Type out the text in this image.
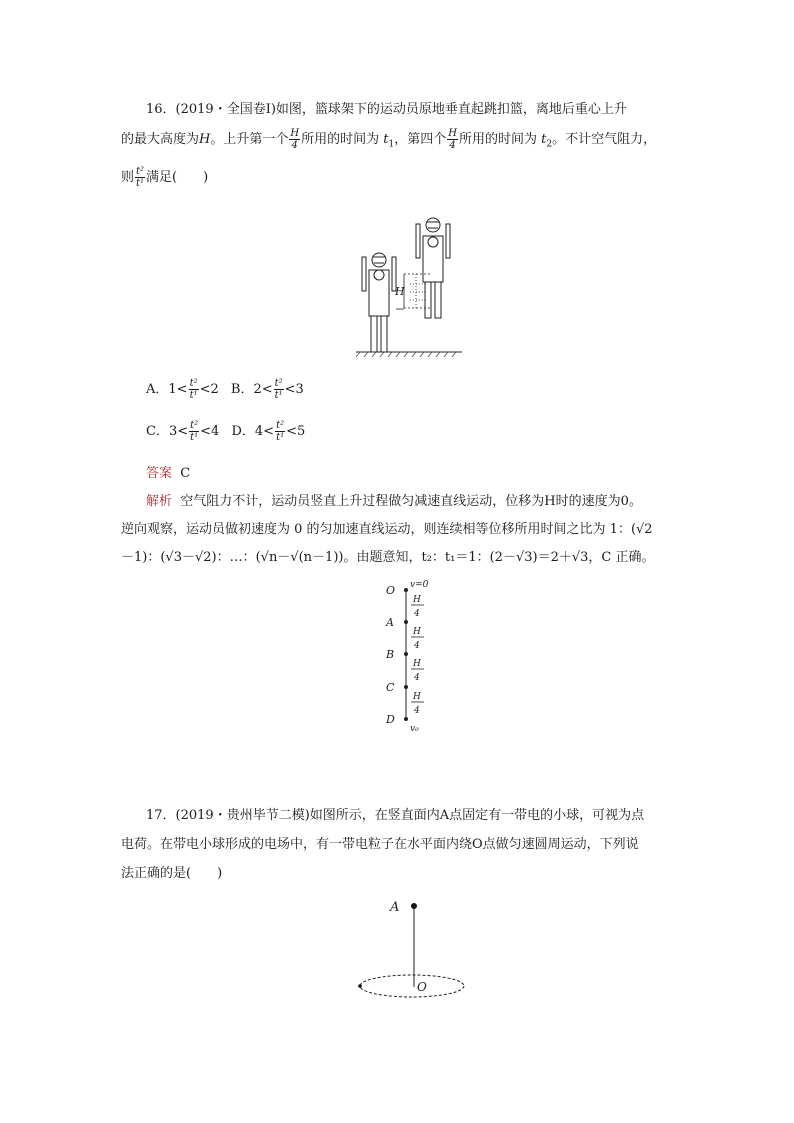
16．(2019・全国卷Ⅰ)如图，篮球架下的运动员原地垂直起跳扣篮，离地后重心上升
的最大高度为H。上升第一个 $\frac{H}{4}$ 所用的时间为 $t_1$，第四个 $\frac{H}{4}$ 所用的时间为 $t_2$。不计空气阻力，
则 $\frac{\text{t²}}{\text{t¹}}$ 满足(　　)
H
A．$1< \frac{\text{t²}}{\text{t¹}} <2$ B．$2< \frac{\text{t²}}{\text{t¹}} <3$
C．$3< \frac{\text{t²}}{\text{t¹}} <4$ D．$4< \frac{\text{t²}}{\text{t¹}} <5$
答案 C
解析 空气阻力不计，运动员竖直上升过程做匀减速直线运动，位移为H时的速度为0。
逆向观察，运动员做初速度为 0 的匀加速直线运动，则连续相等位移所用时间之比为 1：(√2
－1)：(√3－√2)：…：(√n－√(n－1))。由题意知，t₂：t₁＝1：(2－√3)＝2＋√3，C 正确。
O
A
B
C
D
v=0
v₀
H
4
H
4
H
4
H
4
17．(2019・贵州毕节二模)如图所示，在竖直面内A点固定有一带电的小球，可视为点
电荷。在带电小球形成的电场中，有一带电粒子在水平面内绕O点做匀速圆周运动，下列说
法正确的是(　　)
A
O
